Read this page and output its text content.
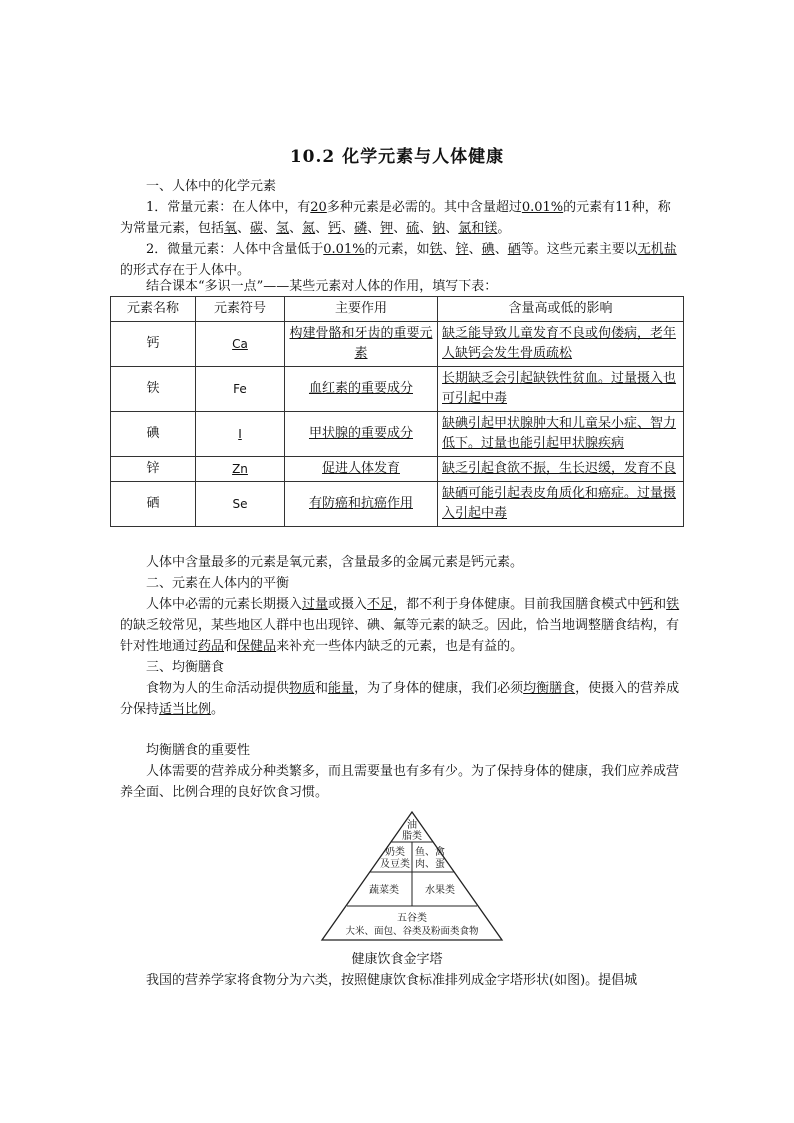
10.2 化学元素与人体健康
一、人体中的化学元素
1．常量元素：在人体中，有20多种元素是必需的。其中含量超过0.01%的元素有11种，称为常量元素，包括氧、碳、氢、氮、钙、磷、钾、硫、钠、氯和镁。
2．微量元素：人体中含量低于0.01%的元素，如铁、锌、碘、硒等。这些元素主要以无机盐的形式存在于人体中。
结合课本“多识一点”——某些元素对人体的作用，填写下表：
元素名称	元素符号	主要作用	含量高或低的影响
钙	Ca	构建骨骼和牙齿的重要元素	缺乏能导致儿童发育不良或佝偻病，老年人缺钙会发生骨质疏松
铁	Fe	血红素的重要成分	长期缺乏会引起缺铁性贫血。过量摄入也可引起中毒
碘	I	甲状腺的重要成分	缺碘引起甲状腺肿大和儿童呆小症、智力低下。过量也能引起甲状腺疾病
锌	Zn	促进人体发育	缺乏引起食欲不振，生长迟缓，发育不良
硒	Se	有防癌和抗癌作用	缺硒可能引起表皮角质化和癌症。过量摄入引起中毒
人体中含量最多的元素是氧元素，含量最多的金属元素是钙元素。
二、元素在人体内的平衡
人体中必需的元素长期摄入过量或摄入不足，都不利于身体健康。目前我国膳食模式中钙和铁的缺乏较常见，某些地区人群中也出现锌、碘、氟等元素的缺乏。因此，恰当地调整膳食结构，有针对性地通过药品和保健品来补充一些体内缺乏的元素，也是有益的。
三、均衡膳食
食物为人的生命活动提供物质和能量，为了身体的健康，我们必须均衡膳食，使摄入的营养成分保持适当比例。
均衡膳食的重要性
人体需要的营养成分种类繁多，而且需要量也有多有少。为了保持身体的健康，我们应养成营养全面、比例合理的良好饮食习惯。
油
脂类
奶类
及豆类
鱼、禽
肉、蛋
蔬菜类	水果类
五谷类
大米、面包、谷类及粉面类食物
健康饮食金字塔
我国的营养学家将食物分为六类，按照健康饮食标准排列成金字塔形状(如图)。提倡城
